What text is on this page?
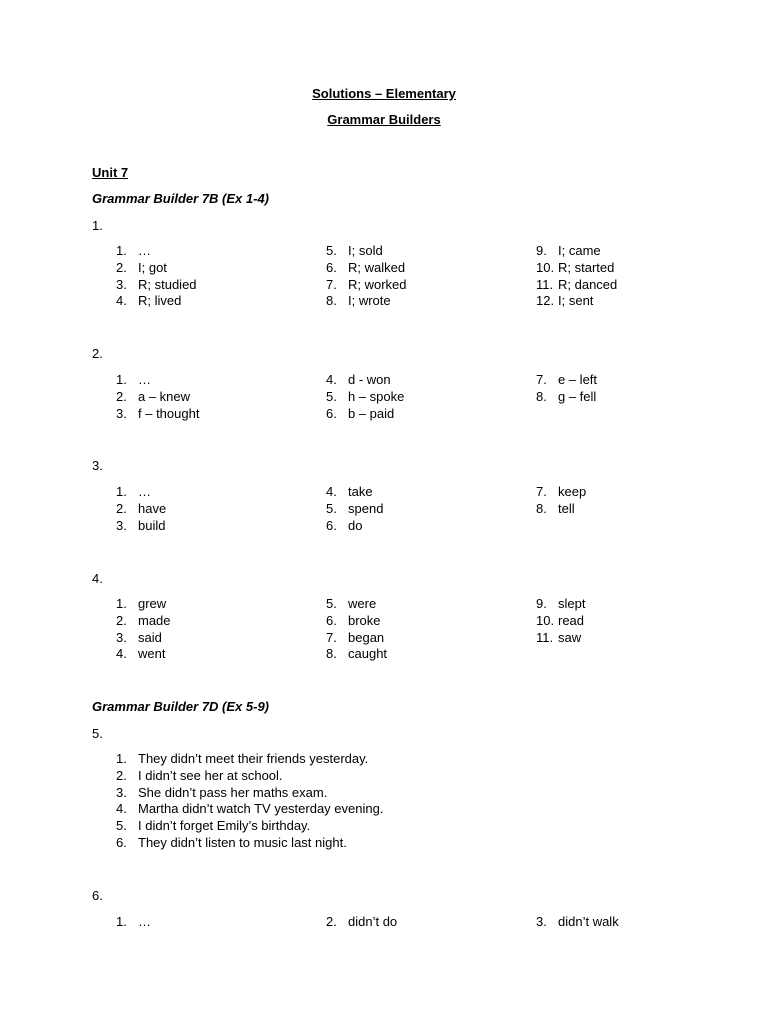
Solutions – Elementary
Grammar Builders
Unit 7
Grammar Builder 7B (Ex 1-4)
1.
1. …
2. I; got
3. R; studied
4. R; lived
5. I; sold
6. R; walked
7. R; worked
8. I; wrote
9. I; came
10. R; started
11. R; danced
12. I; sent
2.
1. …
2. a – knew
3. f – thought
4. d - won
5. h – spoke
6. b – paid
7. e – left
8. g – fell
3.
1. …
2. have
3. build
4. take
5. spend
6. do
7. keep
8. tell
4.
1. grew
2. made
3. said
4. went
5. were
6. broke
7. began
8. caught
9. slept
10. read
11. saw
Grammar Builder 7D (Ex 5-9)
5.
1. They didn’t meet their friends yesterday.
2. I didn’t see her at school.
3. She didn’t pass her maths exam.
4. Martha didn’t watch TV yesterday evening.
5. I didn’t forget Emily’s birthday.
6. They didn’t listen to music last night.
6.
1. …	2. didn’t do	3. didn’t walk
